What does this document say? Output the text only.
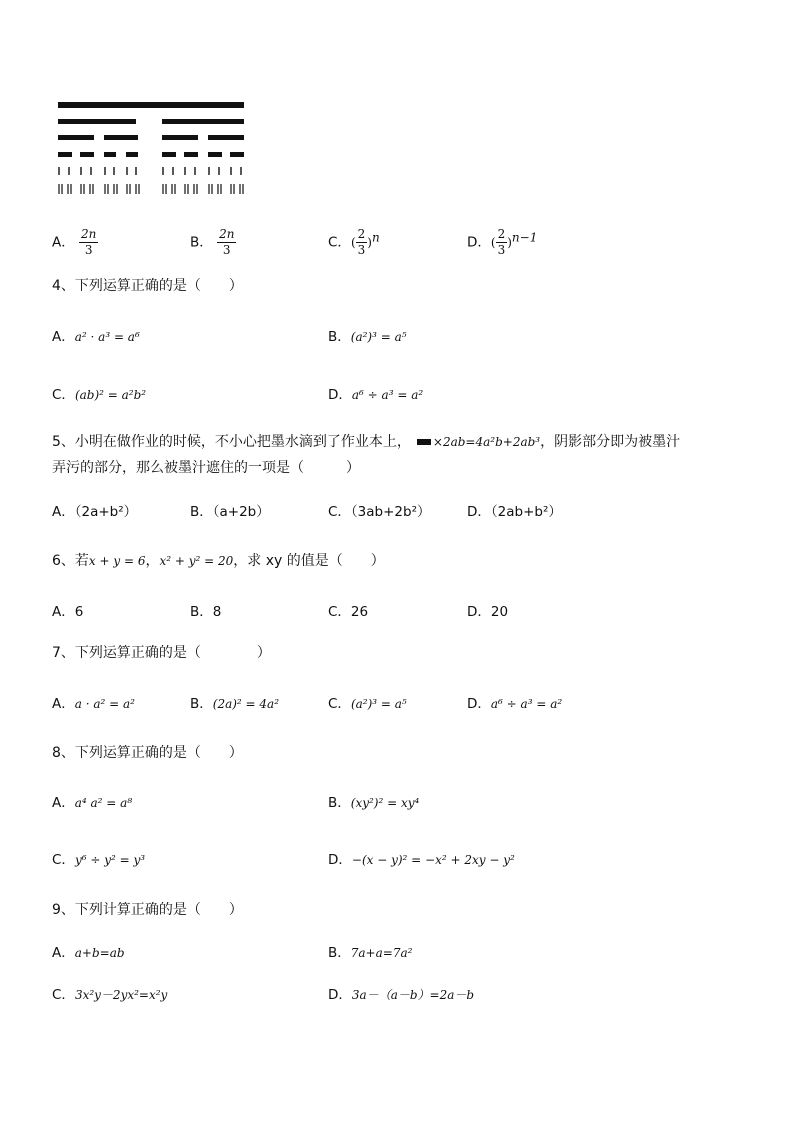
A． $\frac{2n}{3}$	B． $\frac{2n}{3}$	C．( $\frac{2}{3} )^n$	D．( $\frac{2}{3} )^{n-1}$
4、下列运算正确的是（　　）
A．a² · a³ = a⁶	B．(a²)³ = a⁵
C．(ab)² = a²b²	D．a⁶ ÷ a³ = a²
5、小明在做作业的时候，不小心把墨水滴到了作业本上， ×2ab=4a²b+2ab³，阴影部分即为被墨汁
弄污的部分，那么被墨汁遮住的一项是（　　　）
A．（2a+b²）	B．（a+2b）	C．（3ab+2b²）	D．（2ab+b²）
6、若x + y = 6，x² + y² = 20，求 xy 的值是（　　）
A．6	B．8	C．26	D．20
7、下列运算正确的是（　　　　）
A．a · a² = a²	B．(2a)² = 4a²	C．(a²)³ = a⁵	D．a⁶ ÷ a³ = a²
8、下列运算正确的是（　　）
A．a⁴ a² = a⁸	B．(xy²)² = xy⁴
C．y⁶ ÷ y² = y³	D．−(x − y)² = −x² + 2xy − y²
9、下列计算正确的是（　　）
A．a+b=ab	B．7a+a=7a²
C．3x²y－2yx²=x²y	D．3a－（a－b）=2a－b
